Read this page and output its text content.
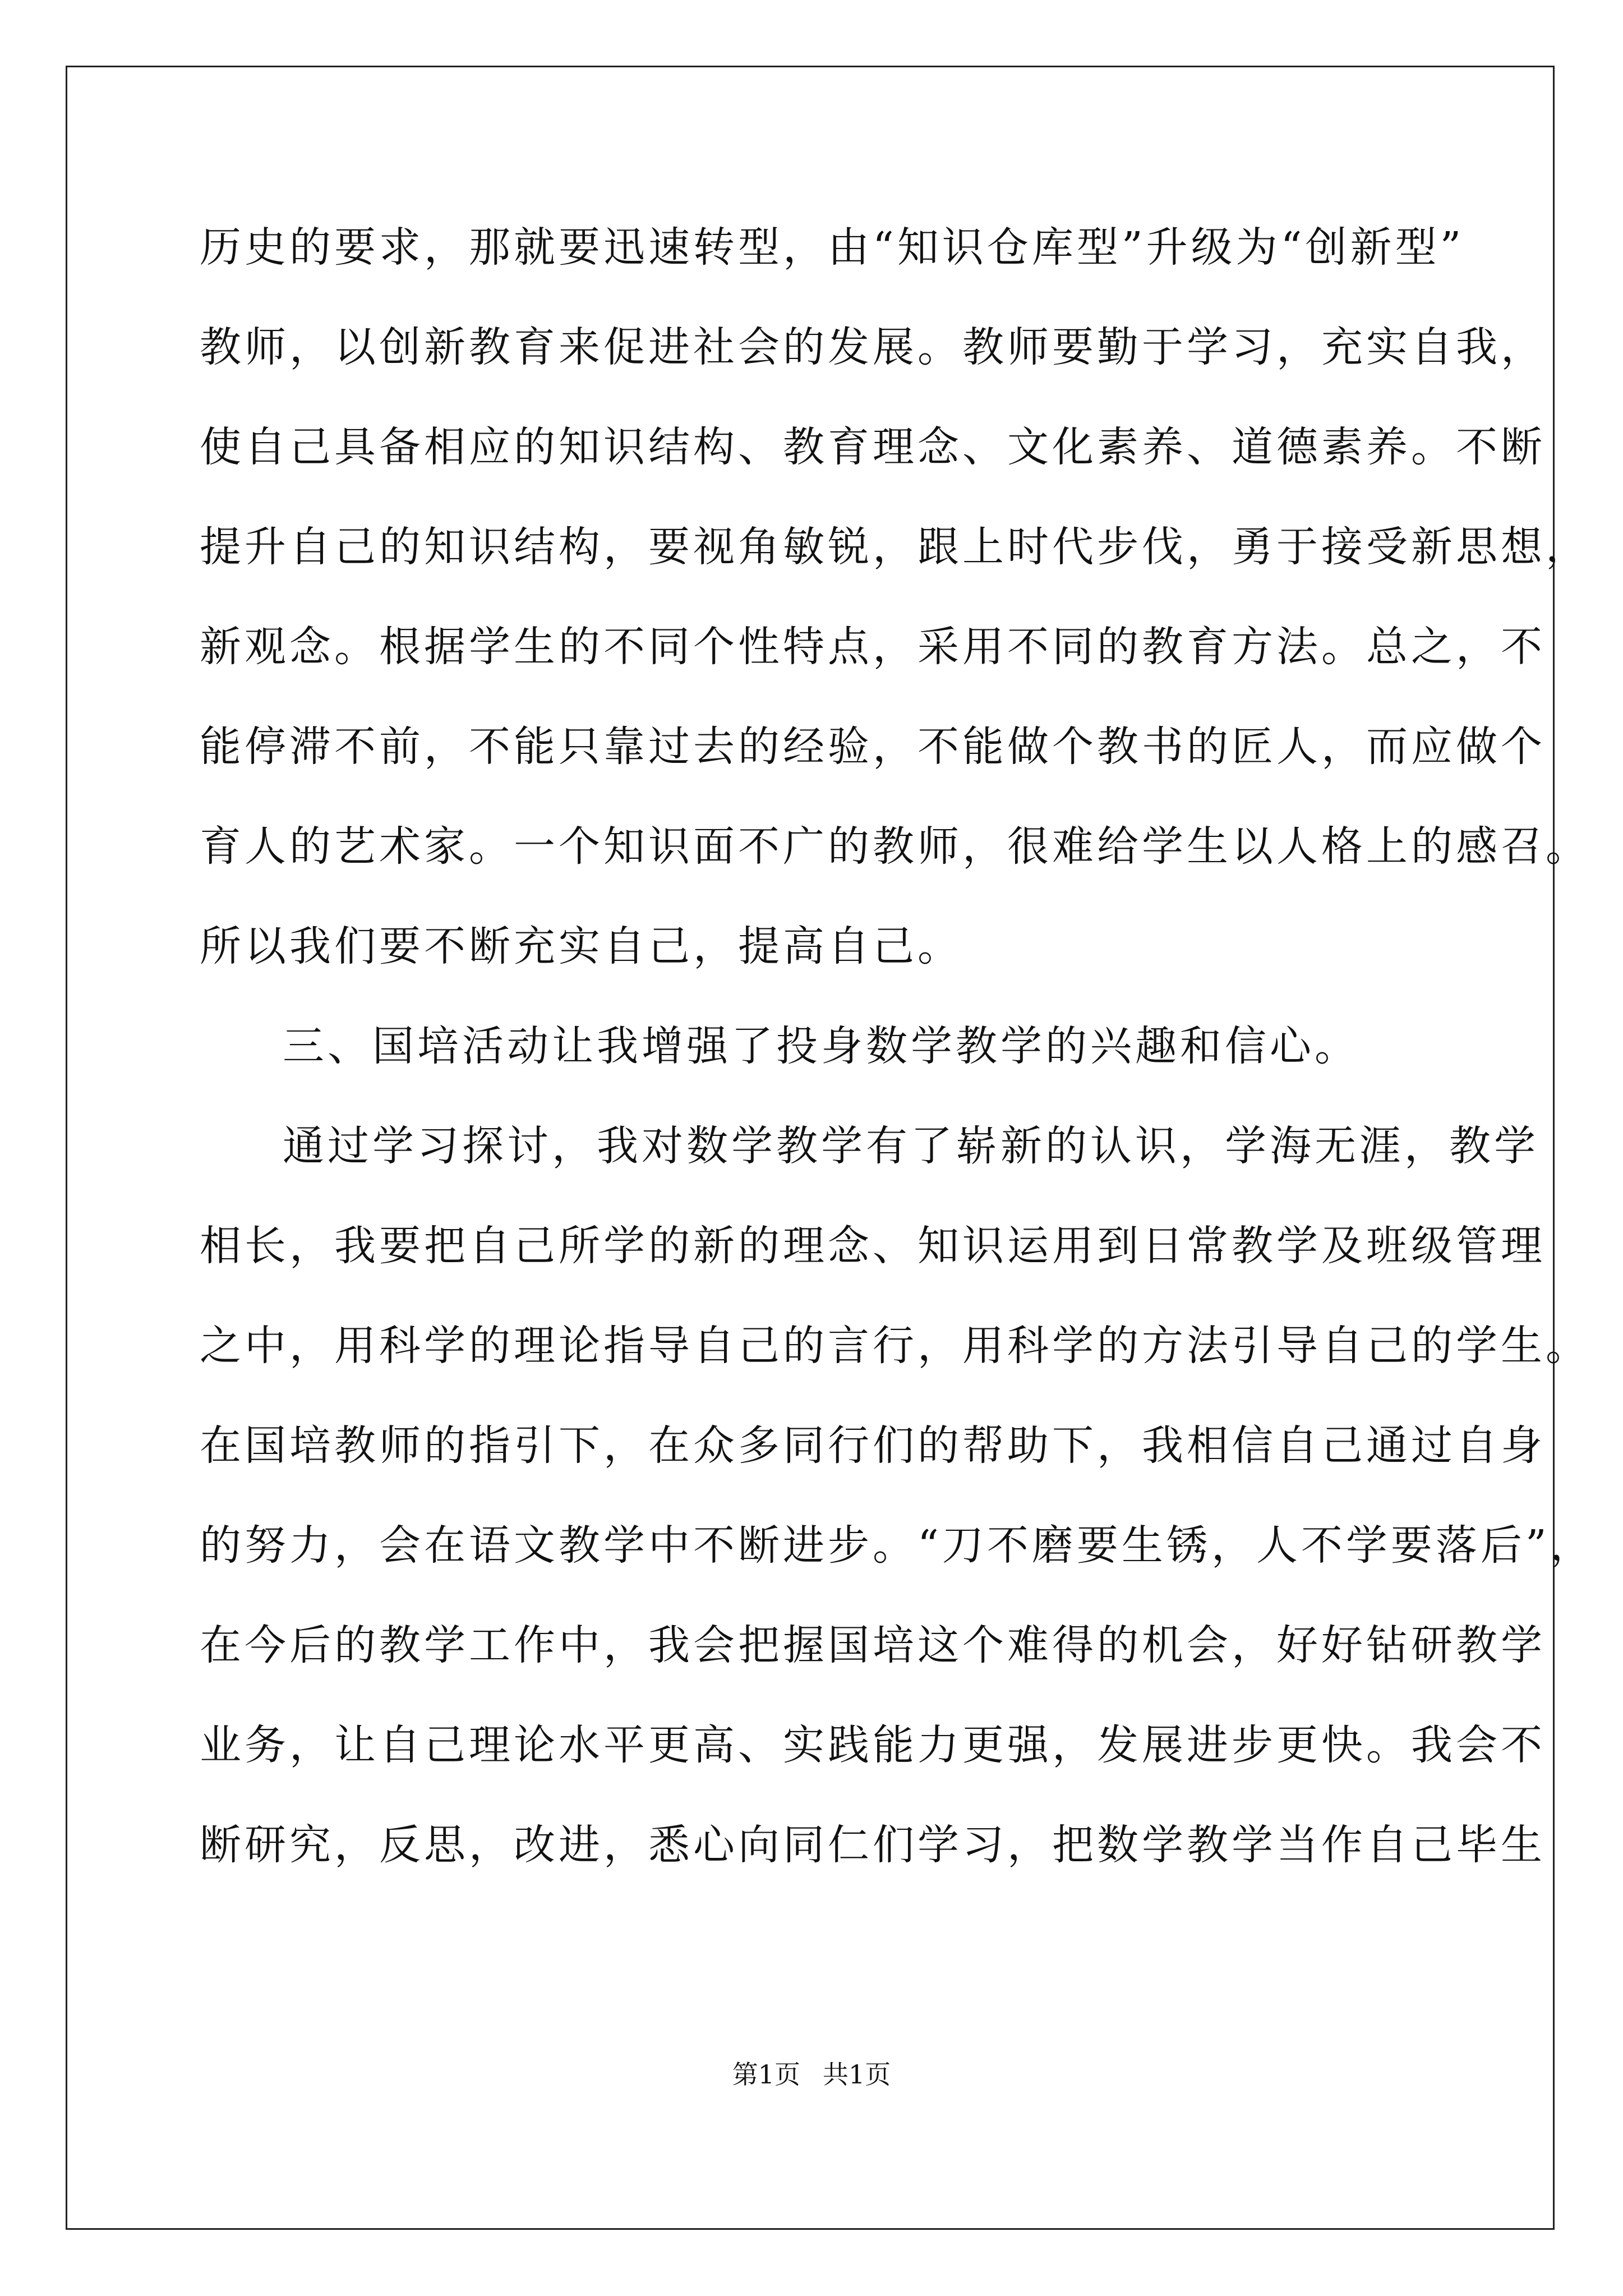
历史的要求，那就要迅速转型，由“知识仓库型”升级为“创新型”
教师，以创新教育来促进社会的发展。教师要勤于学习，充实自我，
使自己具备相应的知识结构、教育理念、文化素养、道德素养。不断
提升自己的知识结构，要视角敏锐，跟上时代步伐，勇于接受新思想，
新观念。根据学生的不同个性特点，采用不同的教育方法。总之，不
能停滞不前，不能只靠过去的经验，不能做个教书的匠人，而应做个
育人的艺术家。一个知识面不广的教师，很难给学生以人格上的感召。
所以我们要不断充实自己，提高自己。
三、国培活动让我增强了投身数学教学的兴趣和信心。
通过学习探讨，我对数学教学有了崭新的认识，学海无涯，教学
相长，我要把自己所学的新的理念、知识运用到日常教学及班级管理
之中，用科学的理论指导自己的言行，用科学的方法引导自己的学生。
在国培教师的指引下，在众多同行们的帮助下，我相信自己通过自身
的努力，会在语文教学中不断进步。“刀不磨要生锈，人不学要落后”，
在今后的教学工作中，我会把握国培这个难得的机会，好好钻研教学
业务，让自己理论水平更高、实践能力更强，发展进步更快。我会不
断研究，反思，改进，悉心向同仁们学习，把数学教学当作自己毕生
第1页 共1页
